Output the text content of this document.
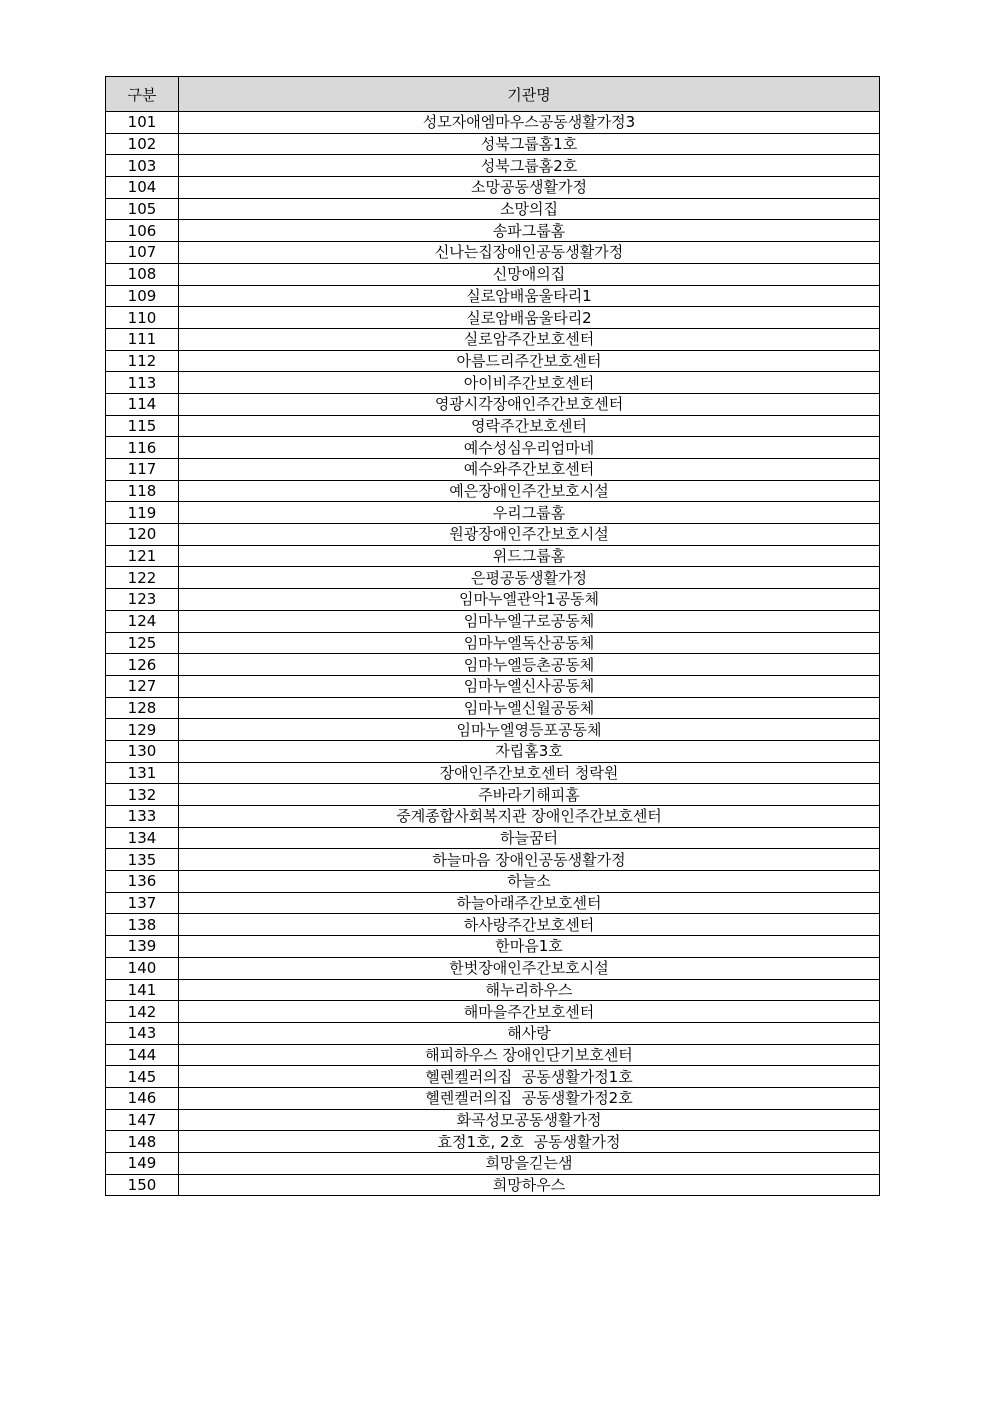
구분	기관명
101	성모자애엠마우스공동생활가정3
102	성북그룹홈1호
103	성북그룹홈2호
104	소망공동생활가정
105	소망의집
106	송파그룹홈
107	신나는집장애인공동생활가정
108	신망애의집
109	실로암배움울타리1
110	실로암배움울타리2
111	실로암주간보호센터
112	아름드리주간보호센터
113	아이비주간보호센터
114	영광시각장애인주간보호센터
115	영락주간보호센터
116	예수성심우리엄마네
117	예수와주간보호센터
118	예은장애인주간보호시설
119	우리그룹홈
120	원광장애인주간보호시설
121	위드그룹홈
122	은평공동생활가정
123	임마누엘관악1공동체
124	임마누엘구로공동체
125	임마누엘독산공동체
126	임마누엘등촌공동체
127	임마누엘신사공동체
128	임마누엘신월공동체
129	임마누엘영등포공동체
130	자립홈3호
131	장애인주간보호센터 청락원
132	주바라기해피홈
133	중계종합사회복지관 장애인주간보호센터
134	하늘꿈터
135	하늘마음 장애인공동생활가정
136	하늘소
137	하늘아래주간보호센터
138	하사랑주간보호센터
139	한마음1호
140	한벗장애인주간보호시설
141	해누리하우스
142	해마을주간보호센터
143	해사랑
144	해피하우스 장애인단기보호센터
145	헬렌켈러의집  공동생활가정1호
146	헬렌켈러의집  공동생활가정2호
147	화곡성모공동생활가정
148	효정1호, 2호  공동생활가정
149	희망을긷는샘
150	희망하우스
